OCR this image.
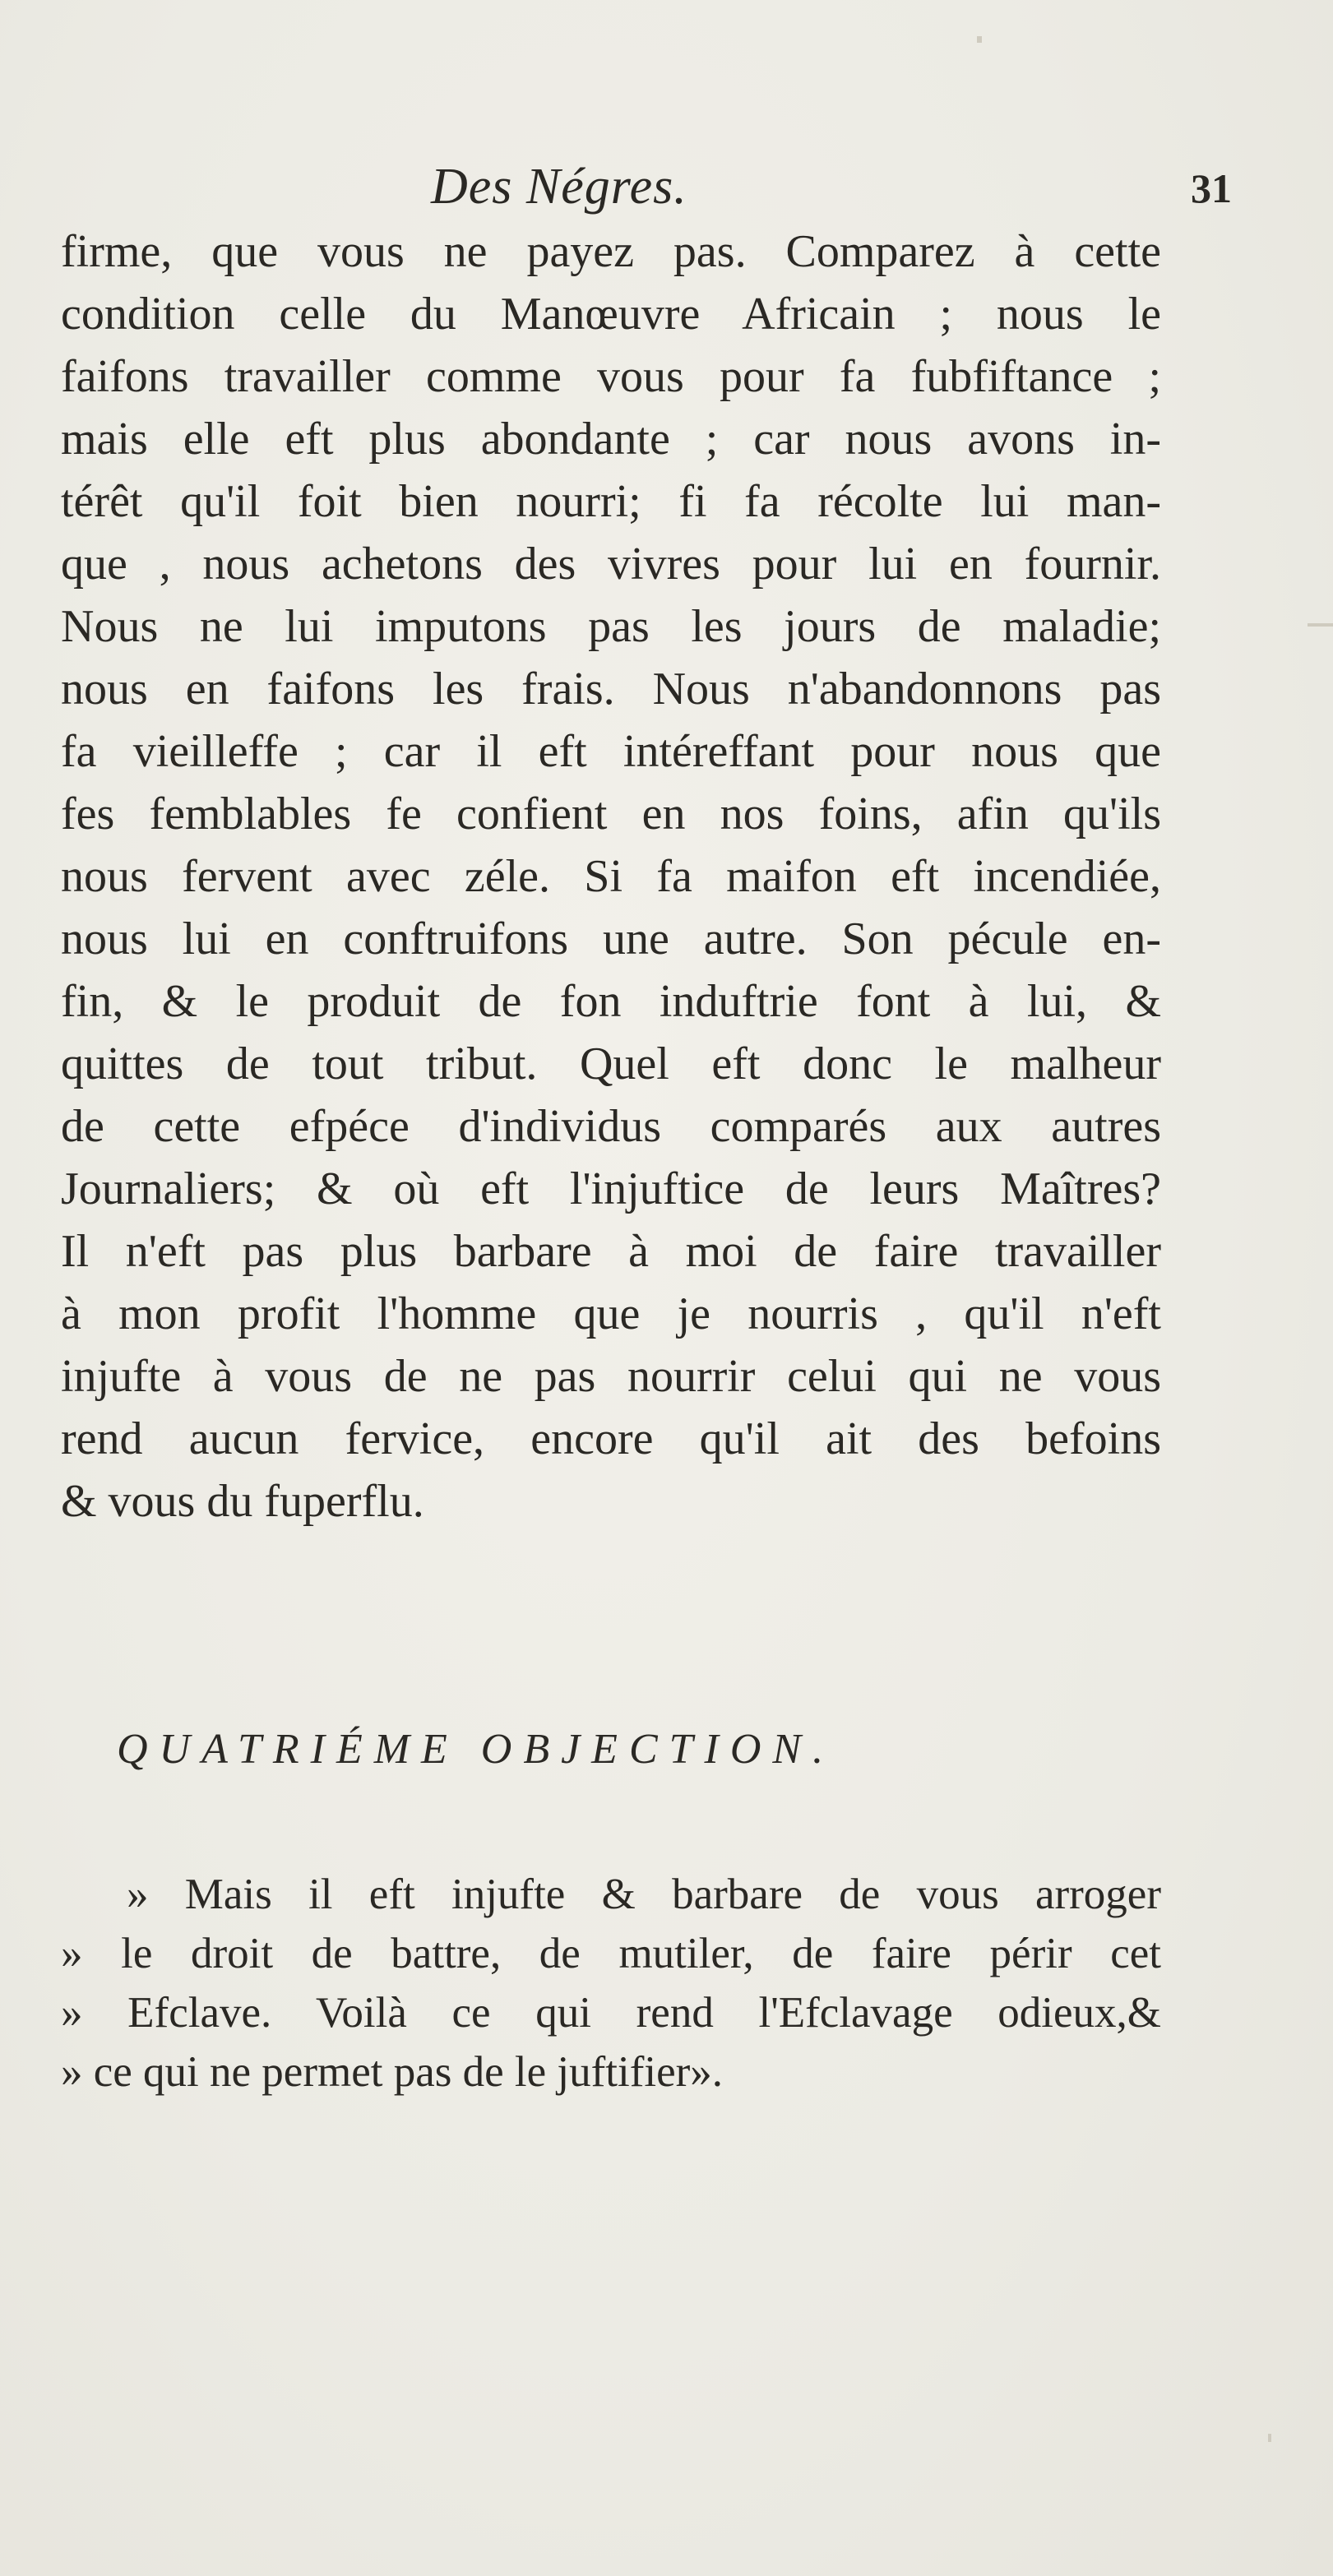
Des Négres.	31
firme, que vous ne payez pas. Comparez à cette
condition celle du Manœuvre Africain ; nous le
faifons travailler comme vous pour fa fubfiftance ;
mais elle eft plus abondante ; car nous avons in-
térêt qu'il foit bien nourri; fi fa récolte lui man-
que , nous achetons des vivres pour lui en fournir.
Nous ne lui imputons pas les jours de maladie;
nous en faifons les frais. Nous n'abandonnons pas
fa vieilleffe ; car il eft intéreffant pour nous que
fes femblables fe confient en nos foins, afin qu'ils
nous fervent avec zéle. Si fa maifon eft incendiée,
nous lui en conftruifons une autre. Son pécule en-
fin, & le produit de fon induftrie font à lui, &
quittes de tout tribut. Quel eft donc le malheur
de cette efpéce d'individus comparés aux autres
Journaliers; & où eft l'injuftice de leurs Maîtres?
Il n'eft pas plus barbare à moi de faire travailler
à mon profit l'homme que je nourris , qu'il n'eft
injufte à vous de ne pas nourrir celui qui ne vous
rend aucun fervice, encore qu'il ait des befoins
& vous du fuperflu.
QUATRIÉME OBJECTION.
» Mais il eft injufte & barbare de vous arroger
» le droit de battre, de mutiler, de faire périr cet
» Efclave. Voilà ce qui rend l'Efclavage odieux,&
» ce qui ne permet pas de le juftifier».
